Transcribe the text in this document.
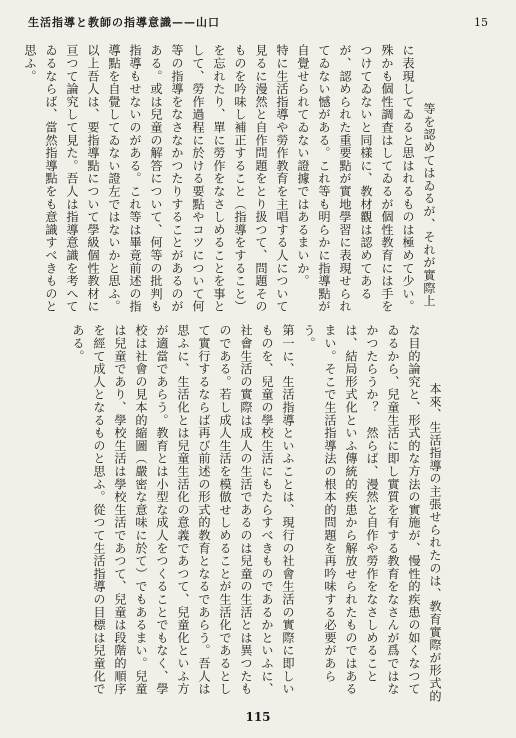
生活指導と教師の指導意識——山口	15

等を認めてはゐるが、それが實際上に表現してゐると思はれるものは極めて少い。殊かも個性調査はしてゐるが個性教育には手をつけてゐないと同樣に、教材觀は認めてあるが、認められた重要點が實地學習に表現せられてゐない憾がある。これ等も明らかに指導點が自覺せられてゐない證據ではあるまいか。
特に生活指導や勞作教育を主唱する人について見るに漫然と自作問題をとり扱つて、問題そのものを吟味し補正すること（指導をすること）を忘れたり、單に勞作をなさしめることを事として、勞作過程に於ける要點やコツについて何等の指導をなさなかつたりすることがあるのがある。或は兒童の解答について、何等の批判も指導もせないのがある。これ等は畢竟前述の指導點を自覺してゐない證左ではないかと思ふ。
以上吾人は、要指導點について學級個性教材に亘つて論究して見た。吾人は指導意識を考へてゐるならば、當然指導點をも意識すべきものと思ふ。

本來、生活指導の主張せられたのは、教育實際が形式的な目的論究と、形式的な方法の實施が、慢性的疾患の如くなつてゐるから、兒童生活に即し實質を有する教育をなさんが爲ではなかつたらうか？　然らば、漫然と自作や勞作をなさしめることは、結局形式化といふ傳統的疾患から解放せられたものではあるまい。そこで生活指導法の根本的問題を再吟味する必要があらう。
第一に、生活指導といふことは、現行の社會生活の實際に即しいものを、兒童の學校生活にもたらすべきものであるかといふに、社會生活の實際は成人の生活であるのは兒童の生活とは異つたものである。若し成人生活を模倣せしめることが生活化であるとして實行するならば再び前述の形式的教育となるであらう。吾人は思ふに、生活化とは兒童生活化の意義であつて、兒童化といふ方が適當であらう。教育とは小型な成人をつくることでもなく、學校は社會の見本的縮圖（嚴密な意味に於て）でもあるまい。兒童は兒童であり、學校生活は學校生活であつて、兒童は段階的順序を經て成人となるものと思ふ。從つて生活指導の目標は兒童化である。

115
